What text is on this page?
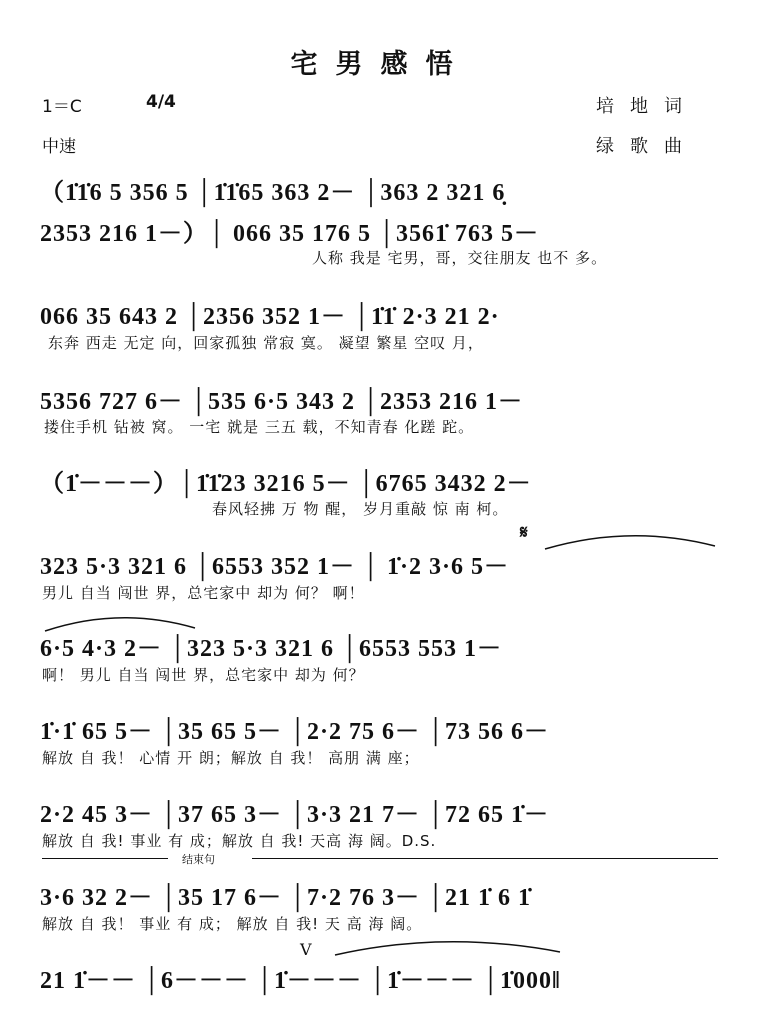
宅男感悟
1＝C	4/4
中速
培地词
绿歌曲
（1̇1̇6 5 356 5 │1̇1̇65 363 2－ │363 2 321 6̣
2353 216 1－）│ 066 35 176 5 │3561̇ 763 5－
人称 我是 宅男，哥，交往朋友 也不 多。
066 35 643 2 │2356 352 1－ │1̇1̇ 2·3 21 2·
东奔 西走 无定 向，回家孤独 常寂 寞。 凝望 繁星 空叹 月，
5356 727 6－ │535 6·5 343 2 │2353 216 1－
搂住手机 钻被 窝。 一宅 就是 三五 载，不知青春 化蹉 跎。
（1̇－－－）│1̇1̇23 3216 5－ │6765 3432 2－
春风轻拂 万 物 醒， 岁月重敲 惊 南 柯。
𝄋
323 5·3 321 6 │6553 352 1－ │ 1̇·2 3·6 5－
男儿 自当 闯世 界，总宅家中 却为 何？ 啊！
6·5 4·3 2－ │323 5·3 321 6 │6553 553 1－
啊！ 男儿 自当 闯世 界，总宅家中 却为 何？
1̇·1̇ 65 5－ │35 65 5－ │2·2 75 6－ │73 56 6－
解放 自 我！ 心情 开 朗；解放 自 我！ 高朋 满 座；
2·2 45 3－ │37 65 3－ │3·3 21 7－ │72 65 1̇－
解放 自 我! 事业 有 成；解放 自 我! 天高 海 阔。D.S.
结束句
3·6 32 2－ │35 17 6－ │7·2 76 3－ │21 1̇ 6 1̇
解放 自 我！ 事业 有 成； 解放 自 我! 天 高 海 阔。
V
21 1̇－－ │6－－－ │1̇－－－ │1̇－－－ │1̇000‖
